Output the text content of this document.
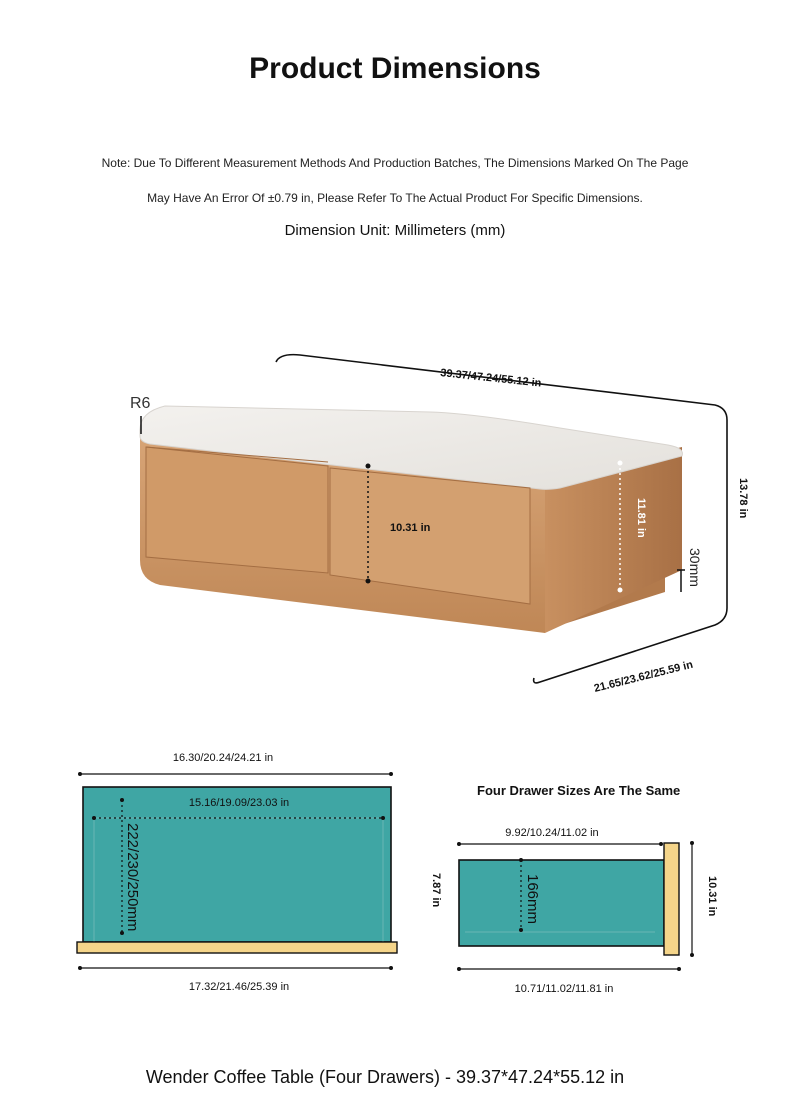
Product Dimensions
Note: Due To Different Measurement Methods And Production Batches, The Dimensions Marked On The Page
May Have An Error Of ±0.79 in, Please Refer To The Actual Product For Specific Dimensions.
Dimension Unit: Millimeters (mm)
39.37/47.24/55.12 in
13.78 in
21.65/23.62/25.59 in
R6
10.31 in	11.81 in
30mm
16.30/20.24/24.21 in
15.16/19.09/23.03 in
222/230/250mm
17.32/21.46/25.39 in
Four Drawer Sizes Are The Same
9.92/10.24/11.02 in
166mm
7.87 in	10.31 in
10.71/11.02/11.81 in
Wender Coffee Table (Four Drawers) - 39.37*47.24*55.12 in
